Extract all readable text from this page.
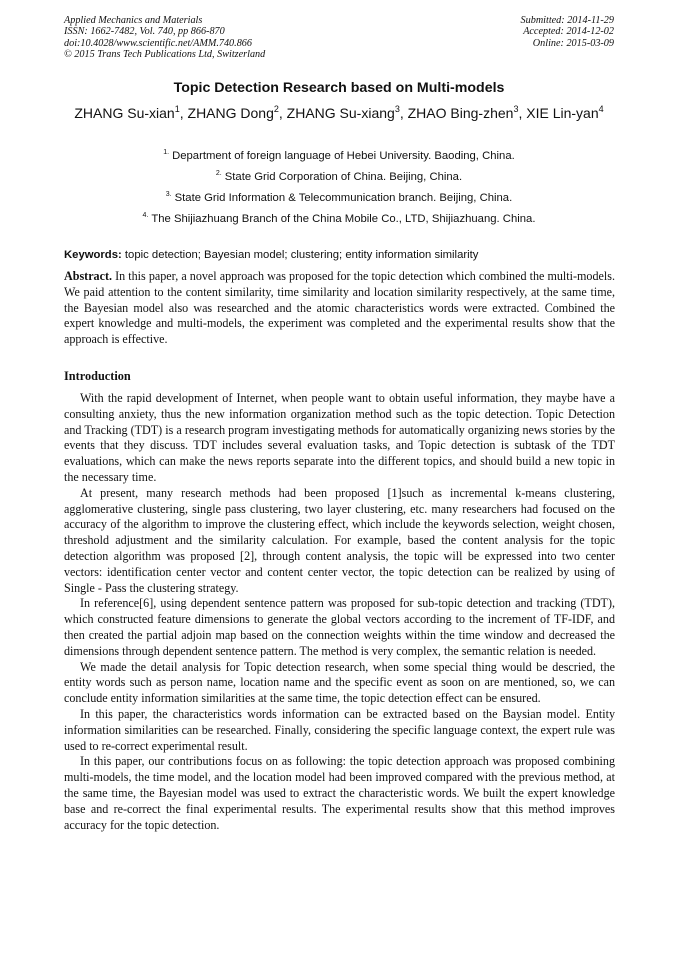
Applied Mechanics and Materials
ISSN: 1662-7482, Vol. 740, pp 866-870
doi:10.4028/www.scientific.net/AMM.740.866
© 2015 Trans Tech Publications Ltd, Switzerland
Submitted: 2014-11-29
Accepted: 2014-12-02
Online: 2015-03-09
Topic Detection Research based on Multi-models
ZHANG Su-xian$^1$, ZHANG Dong$^2$, ZHANG Su-xiang$^3$, ZHAO Bing-zhen$^3$, XIE Lin-yan$^4$
$^{1.}$ Department of foreign language of Hebei University. Baoding, China.
$^{2.}$ State Grid Corporation of China. Beijing, China.
$^{3.}$ State Grid Information & Telecommunication branch. Beijing, China.
$^{4.}$ The Shijiazhuang Branch of the China Mobile Co., LTD, Shijiazhuang. China.
Keywords: topic detection; Bayesian model; clustering; entity information similarity
Abstract. In this paper, a novel approach was proposed for the topic detection which combined the multi-models. We paid attention to the content similarity, time similarity and location similarity respectively, at the same time, the Bayesian model also was researched and the atomic characteristics words were extracted. Combined the expert knowledge and multi-models, the experiment was completed and the experimental results show that the approach is effective.
Introduction

With the rapid development of Internet, when people want to obtain useful information, they maybe have a consulting anxiety, thus the new information organization method such as the topic detection. Topic Detection and Tracking (TDT) is a research program investigating methods for automatically organizing news stories by the events that they discuss. TDT includes several evaluation tasks, and Topic detection is subtask of the TDT evaluations, which can make the news reports separate into the different topics, and should build a new topic in the necessary time.

At present, many research methods had been proposed [1]such as incremental k-means clustering, agglomerative clustering, single pass clustering, two layer clustering, etc. many researchers had focused on the accuracy of the algorithm to improve the clustering effect, which include the keywords selection, weight chosen, threshold adjustment and the similarity calculation. For example, based the content analysis for the topic detection algorithm was proposed [2], through content analysis, the topic will be expressed into two center vectors: identification center vector and content center vector, the topic detection can be realized by using of Single - Pass the clustering strategy.

In reference[6], using dependent sentence pattern was proposed for sub-topic detection and tracking (TDT), which constructed feature dimensions to generate the global vectors according to the increment of TF-IDF, and then created the partial adjoin map based on the connection weights within the time window and decreased the dimensions through dependent sentence pattern. The method is very complex, the semantic relation is needed.

We made the detail analysis for Topic detection research, when some special thing would be descried, the entity words such as person name, location name and the specific event as soon on are mentioned, so, we can conclude entity information similarities at the same time, the topic detection effect can be ensured.

In this paper, the characteristics words information can be extracted based on the Baysian model. Entity information similarities can be researched. Finally, considering the specific language context, the expert rule was used to re-correct experimental result.

In this paper, our contributions focus on as following: the topic detection approach was proposed combining multi-models, the time model, and the location model had been improved compared with the previous method, at the same time, the Bayesian model was used to extract the characteristic words. We built the expert knowledge base and re-correct the final experimental results. The experimental results show that this method improves accuracy for the topic detection.
